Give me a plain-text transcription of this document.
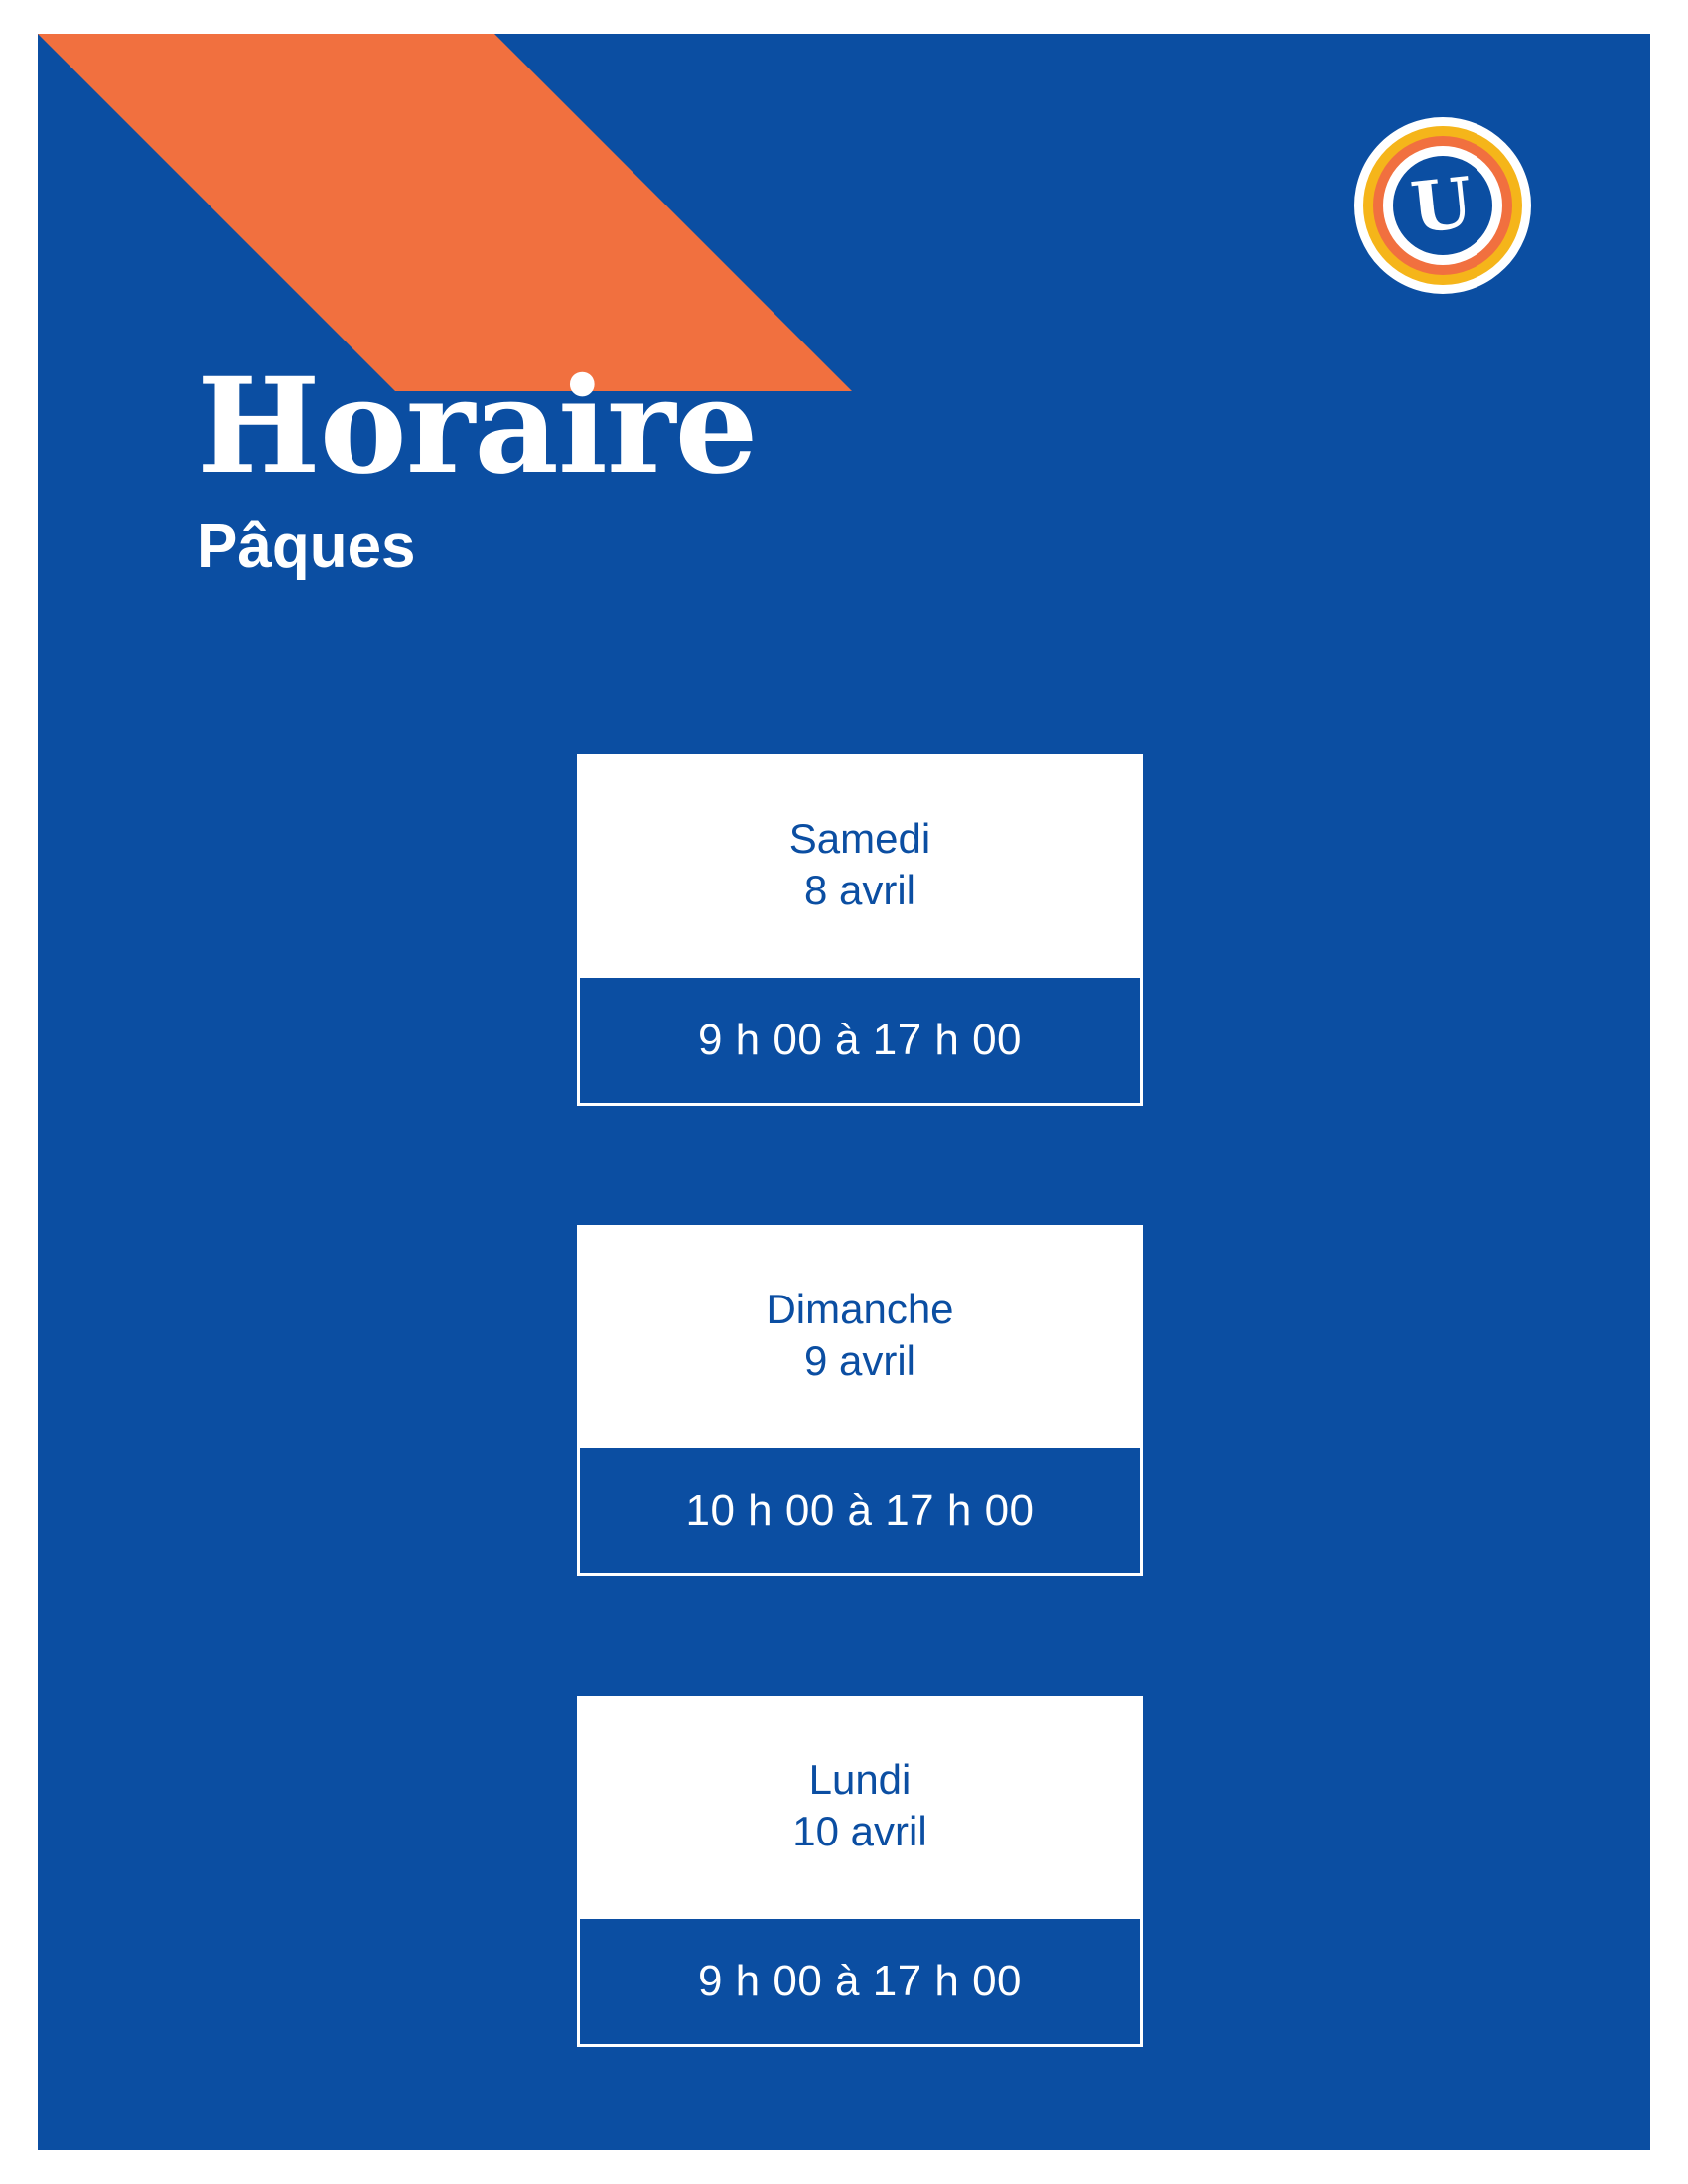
U
Horaire
Pâques
Samedi
8 avril
9 h 00 à 17 h 00
Dimanche
9 avril
10 h 00 à 17 h 00
Lundi
10 avril
9 h 00 à 17 h 00
